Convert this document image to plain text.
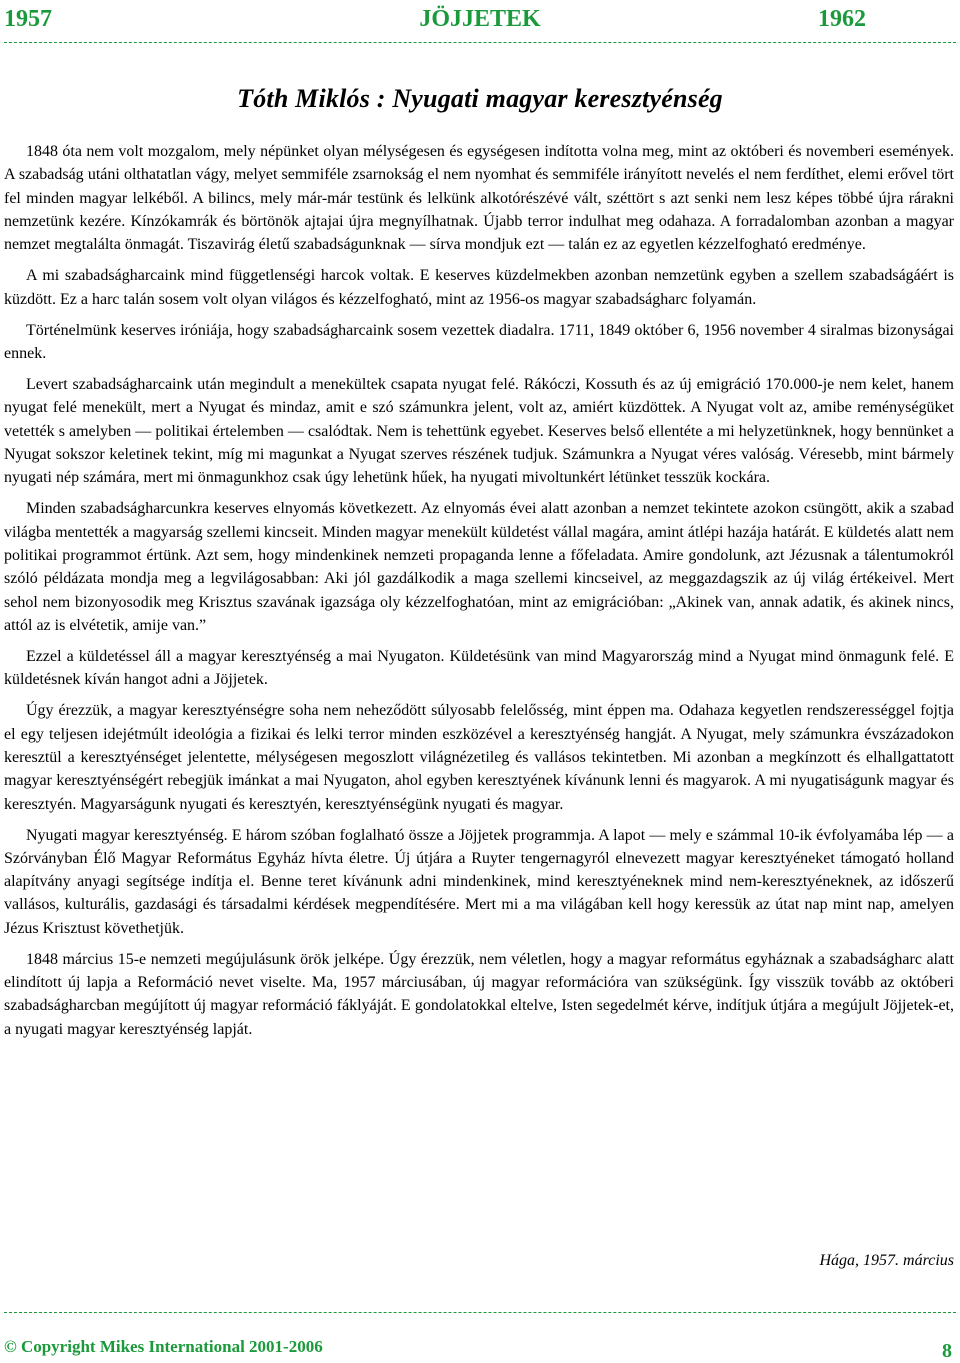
1957	JÖJJETEK	1962
Tóth Miklós : Nyugati magyar keresztyénség

1848 óta nem volt mozgalom, mely népünket olyan mélységesen és egységesen indította volna meg, mint az októberi és novemberi események. A szabadság utáni olthatatlan vágy, melyet semmiféle zsarnokság el nem nyomhat és semmiféle irányított nevelés el nem ferdíthet, elemi erővel tört fel minden magyar lelkéből. A bilincs, mely már-már testünk és lelkünk alkotórészévé vált, széttört s azt senki nem lesz képes többé újra rárakni nemzetünk kezére. Kínzókamrák és börtönök ajtajai újra megnyílhatnak. Újabb terror indulhat meg odahaza. A forradalomban azonban a magyar nemzet megtalálta önmagát. Tiszavirág életű szabadságunknak — sírva mondjuk ezt — talán ez az egyetlen kézzelfogható eredménye.

A mi szabadságharcaink mind függetlenségi harcok voltak. E keserves küzdelmekben azonban nemzetünk egyben a szellem szabadságáért is küzdött. Ez a harc talán sosem volt olyan világos és kézzelfogható, mint az 1956-os magyar szabadságharc folyamán.

Történelmünk keserves iróniája, hogy szabadságharcaink sosem vezettek diadalra. 1711, 1849 október 6, 1956 november 4 siralmas bizonyságai ennek.

Levert szabadságharcaink után megindult a menekültek csapata nyugat felé. Rákóczi, Kossuth és az új emigráció 170.000-je nem kelet, hanem nyugat felé menekült, mert a Nyugat és mindaz, amit e szó számunkra jelent, volt az, amiért küzdöttek. A Nyugat volt az, amibe reménységüket vetették s amelyben — politikai értelemben — csalódtak. Nem is tehettünk egyebet. Keserves belső ellentéte a mi helyzetünknek, hogy bennünket a Nyugat sokszor keletinek tekint, míg mi magunkat a Nyugat szerves részének tudjuk. Számunkra a Nyugat véres valóság. Véresebb, mint bármely nyugati nép számára, mert mi önmagunkhoz csak úgy lehetünk hűek, ha nyugati mivoltunkért létünket tesszük kockára.

Minden szabadságharcunkra keserves elnyomás következett. Az elnyomás évei alatt azonban a nemzet tekintete azokon csüngött, akik a szabad világba mentették a magyarság szellemi kincseit. Minden magyar menekült küldetést vállal magára, amint átlépi hazája határát. E küldetés alatt nem politikai programmot értünk. Azt sem, hogy mindenkinek nemzeti propaganda lenne a főfeladata. Amire gondolunk, azt Jézusnak a tálentumokról szóló példázata mondja meg a legvilágosabban: Aki jól gazdálkodik a maga szellemi kincseivel, az meggazdagszik az új világ értékeivel. Mert sehol nem bizonyosodik meg Krisztus szavának igazsága oly kézzelfoghatóan, mint az emigrációban: „Akinek van, annak adatik, és akinek nincs, attól az is elvétetik, amije van.”

Ezzel a küldetéssel áll a magyar keresztyénség a mai Nyugaton. Küldetésünk van mind Magyarország mind a Nyugat mind önmagunk felé. E küldetésnek kíván hangot adni a Jöjjetek.

Úgy érezzük, a magyar keresztyénségre soha nem neheződött súlyosabb felelősség, mint éppen ma. Odahaza kegyetlen rendszerességgel fojtja el egy teljesen idejétmúlt ideológia a fizikai és lelki terror minden eszközével a keresztyénség hangját. A Nyugat, mely számunkra évszázadokon keresztül a keresztyénséget jelentette, mélységesen megoszlott világnézetileg és vallásos tekintetben. Mi azonban a megkínzott és elhallgattatott magyar keresztyénségért rebegjük imánkat a mai Nyugaton, ahol egyben keresztyének kívánunk lenni és magyarok. A mi nyugatiságunk magyar és keresztyén. Magyarságunk nyugati és keresztyén, keresztyénségünk nyugati és magyar.

Nyugati magyar keresztyénség. E három szóban foglalható össze a Jöjjetek programmja. A lapot — mely e számmal 10-ik évfolyamába lép — a Szórványban Élő Magyar Református Egyház hívta életre. Új útjára a Ruyter tengernagyról elnevezett magyar keresztyéneket támogató holland alapítvány anyagi segítsége indítja el. Benne teret kívánunk adni mindenkinek, mind keresztyéneknek mind nem-keresztyéneknek, az időszerű vallásos, kulturális, gazdasági és társadalmi kérdések megpendítésére. Mert mi a ma világában kell hogy keressük az útat nap mint nap, amelyen Jézus Krisztust követhetjük.

1848 március 15-e nemzeti megújulásunk örök jelképe. Úgy érezzük, nem véletlen, hogy a magyar református egyháznak a szabadságharc alatt elindított új lapja a Reformáció nevet viselte. Ma, 1957 márciusában, új magyar reformációra van szükségünk. Így visszük tovább az októberi szabadságharcban megújított új magyar reformáció fáklyáját. E gondolatokkal eltelve, Isten segedelmét kérve, indítjuk útjára a megújult Jöjjetek-et, a nyugati magyar keresztyénség lapját.

Hága, 1957. március
© Copyright Mikes International 2001-2006	8
